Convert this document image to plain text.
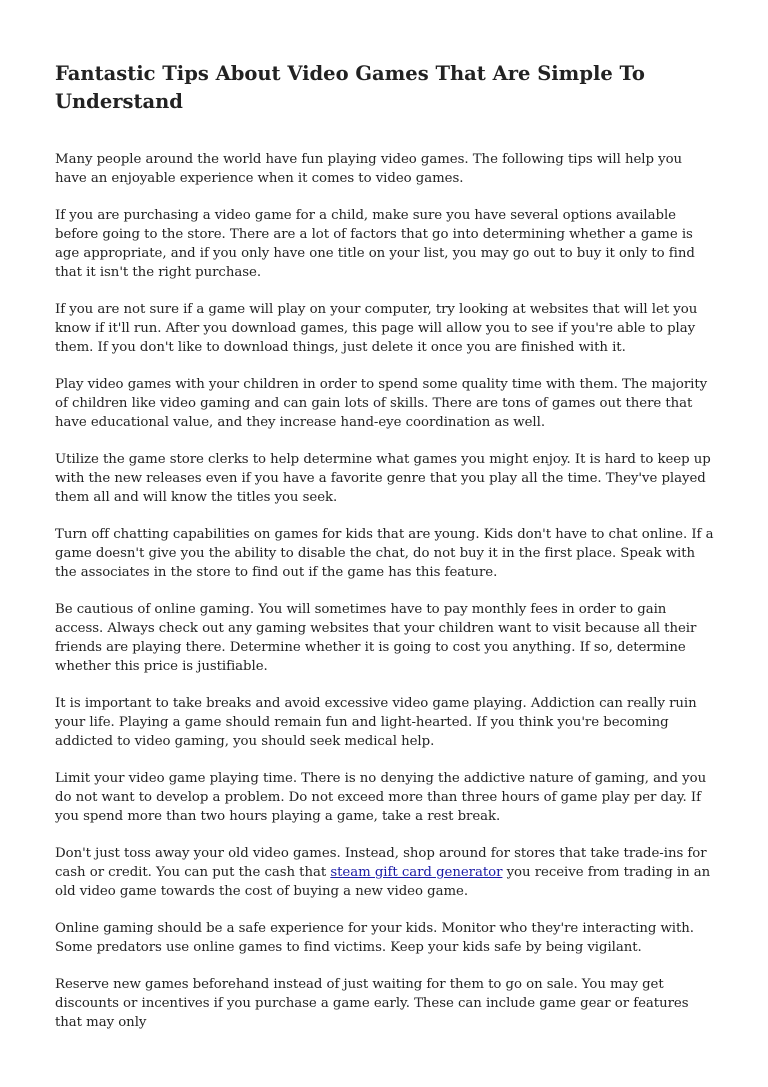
Fantastic Tips About Video Games That Are Simple To Understand

Many people around the world have fun playing video games. The following tips will help you have an enjoyable experience when it comes to video games.

If you are purchasing a video game for a child, make sure you have several options available before going to the store. There are a lot of factors that go into determining whether a game is age appropriate, and if you only have one title on your list, you may go out to buy it only to find that it isn't the right purchase.

If you are not sure if a game will play on your computer, try looking at websites that will let you know if it'll run. After you download games, this page will allow you to see if you're able to play them. If you don't like to download things, just delete it once you are finished with it.

Play video games with your children in order to spend some quality time with them. The majority of children like video gaming and can gain lots of skills. There are tons of games out there that have educational value, and they increase hand-eye coordination as well.

Utilize the game store clerks to help determine what games you might enjoy. It is hard to keep up with the new releases even if you have a favorite genre that you play all the time. They've played them all and will know the titles you seek.

Turn off chatting capabilities on games for kids that are young. Kids don't have to chat online. If a game doesn't give you the ability to disable the chat, do not buy it in the first place. Speak with the associates in the store to find out if the game has this feature.

Be cautious of online gaming. You will sometimes have to pay monthly fees in order to gain access. Always check out any gaming websites that your children want to visit because all their friends are playing there. Determine whether it is going to cost you anything. If so, determine whether this price is justifiable.

It is important to take breaks and avoid excessive video game playing. Addiction can really ruin your life. Playing a game should remain fun and light-hearted. If you think you're becoming addicted to video gaming, you should seek medical help.

Limit your video game playing time. There is no denying the addictive nature of gaming, and you do not want to develop a problem. Do not exceed more than three hours of game play per day. If you spend more than two hours playing a game, take a rest break.

Don't just toss away your old video games. Instead, shop around for stores that take trade-ins for cash or credit. You can put the cash that steam gift card generator you receive from trading in an old video game towards the cost of buying a new video game.

Online gaming should be a safe experience for your kids. Monitor who they're interacting with. Some predators use online games to find victims. Keep your kids safe by being vigilant.

Reserve new games beforehand instead of just waiting for them to go on sale. You may get discounts or incentives if you purchase a game early. These can include game gear or features that may only
